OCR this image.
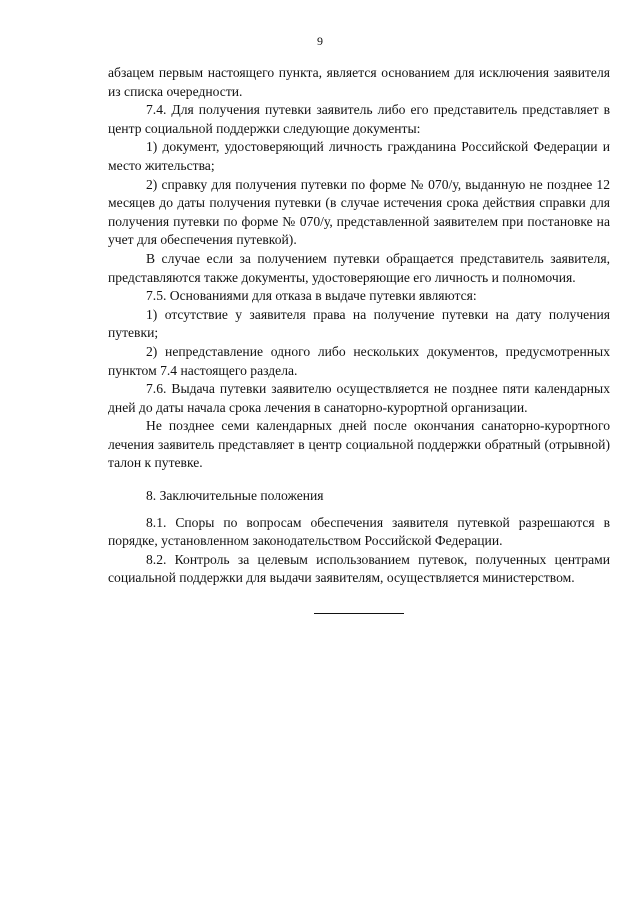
9

абзацем первым настоящего пункта, является основанием для исключения заявителя из списка очередности.

7.4. Для получения путевки заявитель либо его представитель представляет в центр социальной поддержки следующие документы:

1) документ, удостоверяющий личность гражданина Российской Федерации и место жительства;

2) справку для получения путевки по форме № 070/у, выданную не позднее 12 месяцев до даты получения путевки (в случае истечения срока действия справки для получения путевки по форме № 070/у, представленной заявителем при постановке на учет для обеспечения путевкой).

В случае если за получением путевки обращается представитель заявителя, представляются также документы, удостоверяющие его личность и полномочия.

7.5. Основаниями для отказа в выдаче путевки являются:

1) отсутствие у заявителя права на получение путевки на дату получения путевки;

2) непредставление одного либо нескольких документов, предусмотренных пунктом 7.4 настоящего раздела.

7.6. Выдача путевки заявителю осуществляется не позднее пяти календарных дней до даты начала срока лечения в санаторно-курортной организации.

Не позднее семи календарных дней после окончания санаторно-курортного лечения заявитель представляет в центр социальной поддержки обратный (отрывной) талон к путевке.

8. Заключительные положения

8.1. Споры по вопросам обеспечения заявителя путевкой разрешаются в порядке, установленном законодательством Российской Федерации.

8.2. Контроль за целевым использованием путевок, полученных центрами социальной поддержки для выдачи заявителям, осуществляется министерством.
